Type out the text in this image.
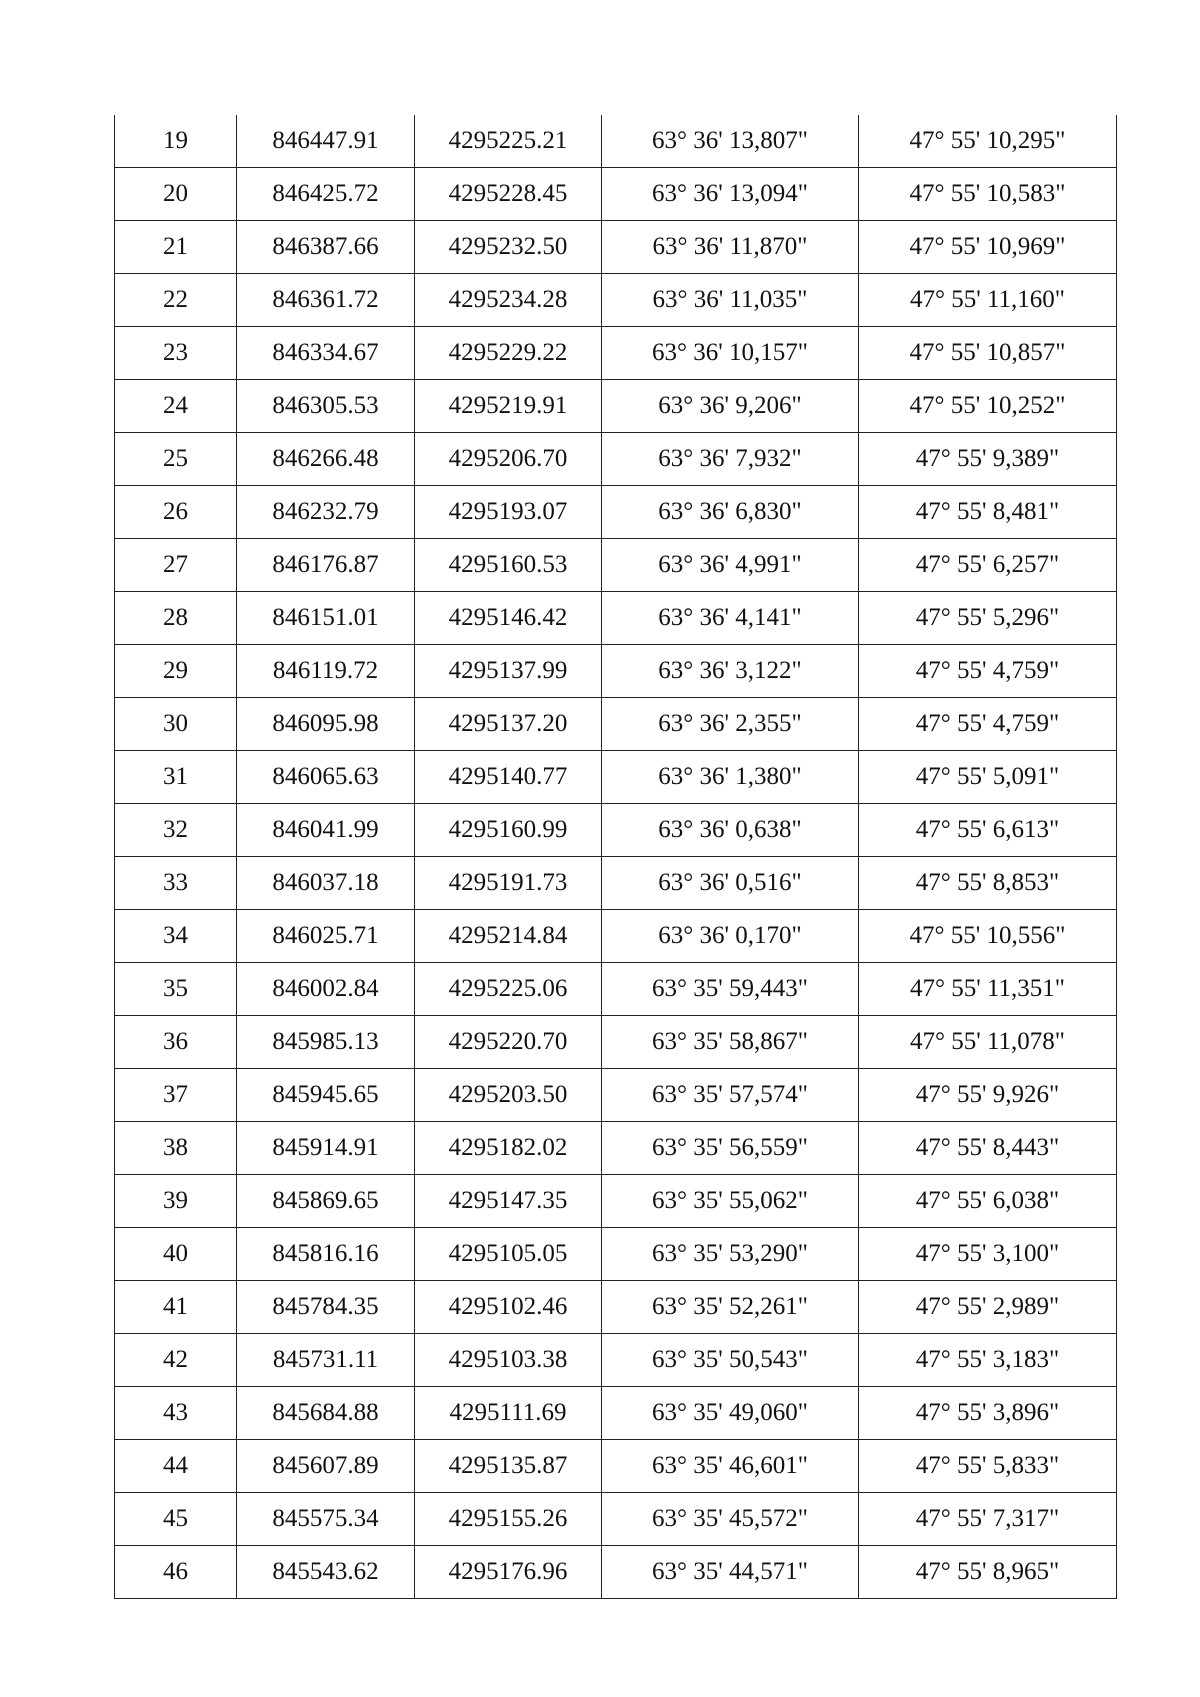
19	846447.91	4295225.21	63° 36' 13,807"	47° 55' 10,295"
20	846425.72	4295228.45	63° 36' 13,094"	47° 55' 10,583"
21	846387.66	4295232.50	63° 36' 11,870"	47° 55' 10,969"
22	846361.72	4295234.28	63° 36' 11,035"	47° 55' 11,160"
23	846334.67	4295229.22	63° 36' 10,157"	47° 55' 10,857"
24	846305.53	4295219.91	63° 36' 9,206"	47° 55' 10,252"
25	846266.48	4295206.70	63° 36' 7,932"	47° 55' 9,389"
26	846232.79	4295193.07	63° 36' 6,830"	47° 55' 8,481"
27	846176.87	4295160.53	63° 36' 4,991"	47° 55' 6,257"
28	846151.01	4295146.42	63° 36' 4,141"	47° 55' 5,296"
29	846119.72	4295137.99	63° 36' 3,122"	47° 55' 4,759"
30	846095.98	4295137.20	63° 36' 2,355"	47° 55' 4,759"
31	846065.63	4295140.77	63° 36' 1,380"	47° 55' 5,091"
32	846041.99	4295160.99	63° 36' 0,638"	47° 55' 6,613"
33	846037.18	4295191.73	63° 36' 0,516"	47° 55' 8,853"
34	846025.71	4295214.84	63° 36' 0,170"	47° 55' 10,556"
35	846002.84	4295225.06	63° 35' 59,443"	47° 55' 11,351"
36	845985.13	4295220.70	63° 35' 58,867"	47° 55' 11,078"
37	845945.65	4295203.50	63° 35' 57,574"	47° 55' 9,926"
38	845914.91	4295182.02	63° 35' 56,559"	47° 55' 8,443"
39	845869.65	4295147.35	63° 35' 55,062"	47° 55' 6,038"
40	845816.16	4295105.05	63° 35' 53,290"	47° 55' 3,100"
41	845784.35	4295102.46	63° 35' 52,261"	47° 55' 2,989"
42	845731.11	4295103.38	63° 35' 50,543"	47° 55' 3,183"
43	845684.88	4295111.69	63° 35' 49,060"	47° 55' 3,896"
44	845607.89	4295135.87	63° 35' 46,601"	47° 55' 5,833"
45	845575.34	4295155.26	63° 35' 45,572"	47° 55' 7,317"
46	845543.62	4295176.96	63° 35' 44,571"	47° 55' 8,965"
